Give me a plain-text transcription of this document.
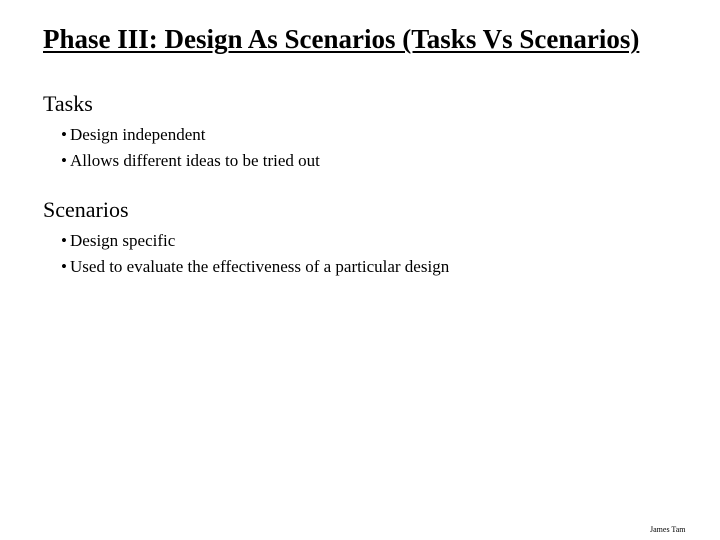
Phase III: Design As Scenarios (Tasks Vs Scenarios)
Tasks
• Design independent
• Allows different ideas to be tried out
Scenarios
• Design specific
• Used to evaluate the effectiveness of a particular design
James Tam
